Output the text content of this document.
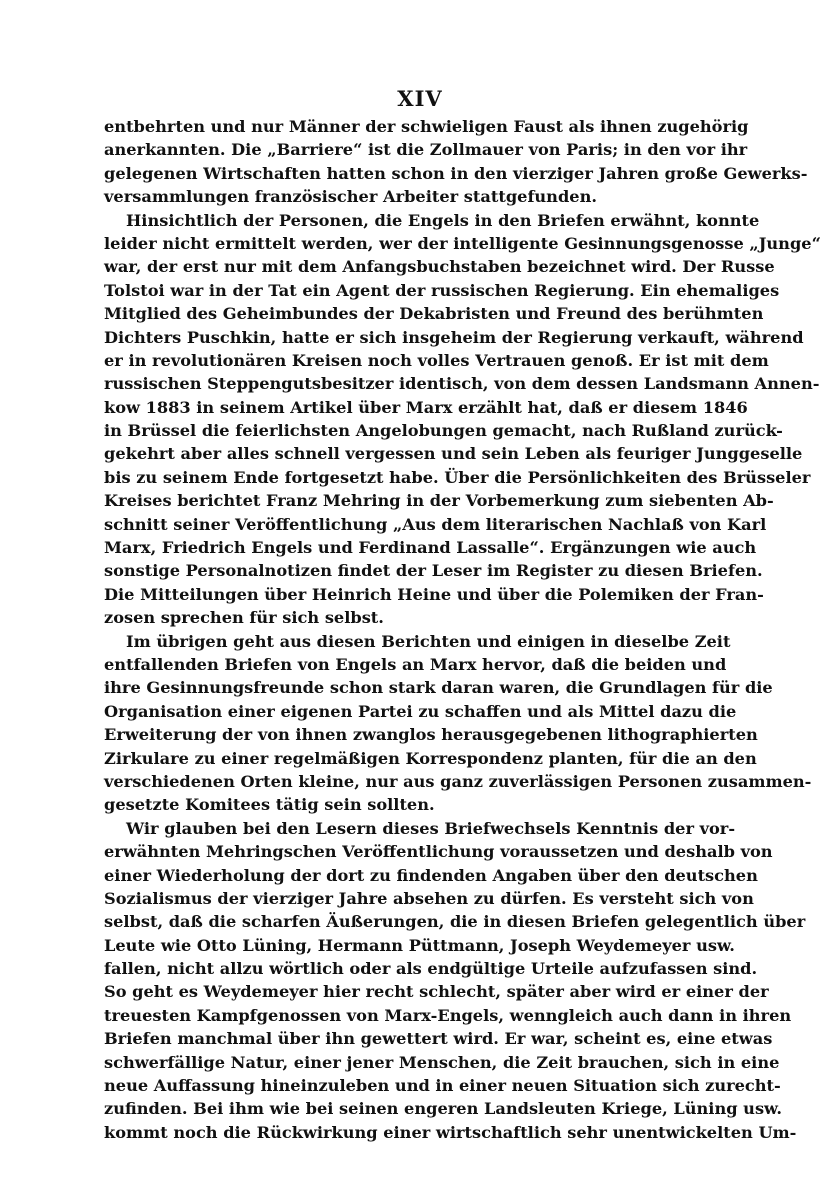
XIV
entbehrten und nur Männer der schwieligen Faust als ihnen zugehörig
anerkannten. Die „Barriere“ ist die Zollmauer von Paris; in den vor ihr
gelegenen Wirtschaften hatten schon in den vierziger Jahren große Gewerks-
versammlungen französischer Arbeiter stattgefunden.
Hinsichtlich der Personen, die Engels in den Briefen erwähnt, konnte
leider nicht ermittelt werden, wer der intelligente Gesinnungsgenosse „Junge“
war, der erst nur mit dem Anfangsbuchstaben bezeichnet wird. Der Russe
Tolstoi war in der Tat ein Agent der russischen Regierung. Ein ehemaliges
Mitglied des Geheimbundes der Dekabristen und Freund des berühmten
Dichters Puschkin, hatte er sich insgeheim der Regierung verkauft, während
er in revolutionären Kreisen noch volles Vertrauen genoß. Er ist mit dem
russischen Steppengutsbesitzer identisch, von dem dessen Landsmann Annen-
kow 1883 in seinem Artikel über Marx erzählt hat, daß er diesem 1846
in Brüssel die feierlichsten Angelobungen gemacht, nach Rußland zurück-
gekehrt aber alles schnell vergessen und sein Leben als feuriger Junggeselle
bis zu seinem Ende fortgesetzt habe. Über die Persönlichkeiten des Brüsseler
Kreises berichtet Franz Mehring in der Vorbemerkung zum siebenten Ab-
schnitt seiner Veröffentlichung „Aus dem literarischen Nachlaß von Karl
Marx, Friedrich Engels und Ferdinand Lassalle“. Ergänzungen wie auch
sonstige Personalnotizen findet der Leser im Register zu diesen Briefen.
Die Mitteilungen über Heinrich Heine und über die Polemiken der Fran-
zosen sprechen für sich selbst.
Im übrigen geht aus diesen Berichten und einigen in dieselbe Zeit
entfallenden Briefen von Engels an Marx hervor, daß die beiden und
ihre Gesinnungsfreunde schon stark daran waren, die Grundlagen für die
Organisation einer eigenen Partei zu schaffen und als Mittel dazu die
Erweiterung der von ihnen zwanglos herausgegebenen lithographierten
Zirkulare zu einer regelmäßigen Korrespondenz planten, für die an den
verschiedenen Orten kleine, nur aus ganz zuverlässigen Personen zusammen-
gesetzte Komitees tätig sein sollten.
Wir glauben bei den Lesern dieses Briefwechsels Kenntnis der vor-
erwähnten Mehringschen Veröffentlichung voraussetzen und deshalb von
einer Wiederholung der dort zu findenden Angaben über den deutschen
Sozialismus der vierziger Jahre absehen zu dürfen. Es versteht sich von
selbst, daß die scharfen Äußerungen, die in diesen Briefen gelegentlich über
Leute wie Otto Lüning, Hermann Püttmann, Joseph Weydemeyer usw.
fallen, nicht allzu wörtlich oder als endgültige Urteile aufzufassen sind.
So geht es Weydemeyer hier recht schlecht, später aber wird er einer der
treuesten Kampfgenossen von Marx-Engels, wenngleich auch dann in ihren
Briefen manchmal über ihn gewettert wird. Er war, scheint es, eine etwas
schwerfällige Natur, einer jener Menschen, die Zeit brauchen, sich in eine
neue Auffassung hineinzuleben und in einer neuen Situation sich zurecht-
zufinden. Bei ihm wie bei seinen engeren Landsleuten Kriege, Lüning usw.
kommt noch die Rückwirkung einer wirtschaftlich sehr unentwickelten Um-
